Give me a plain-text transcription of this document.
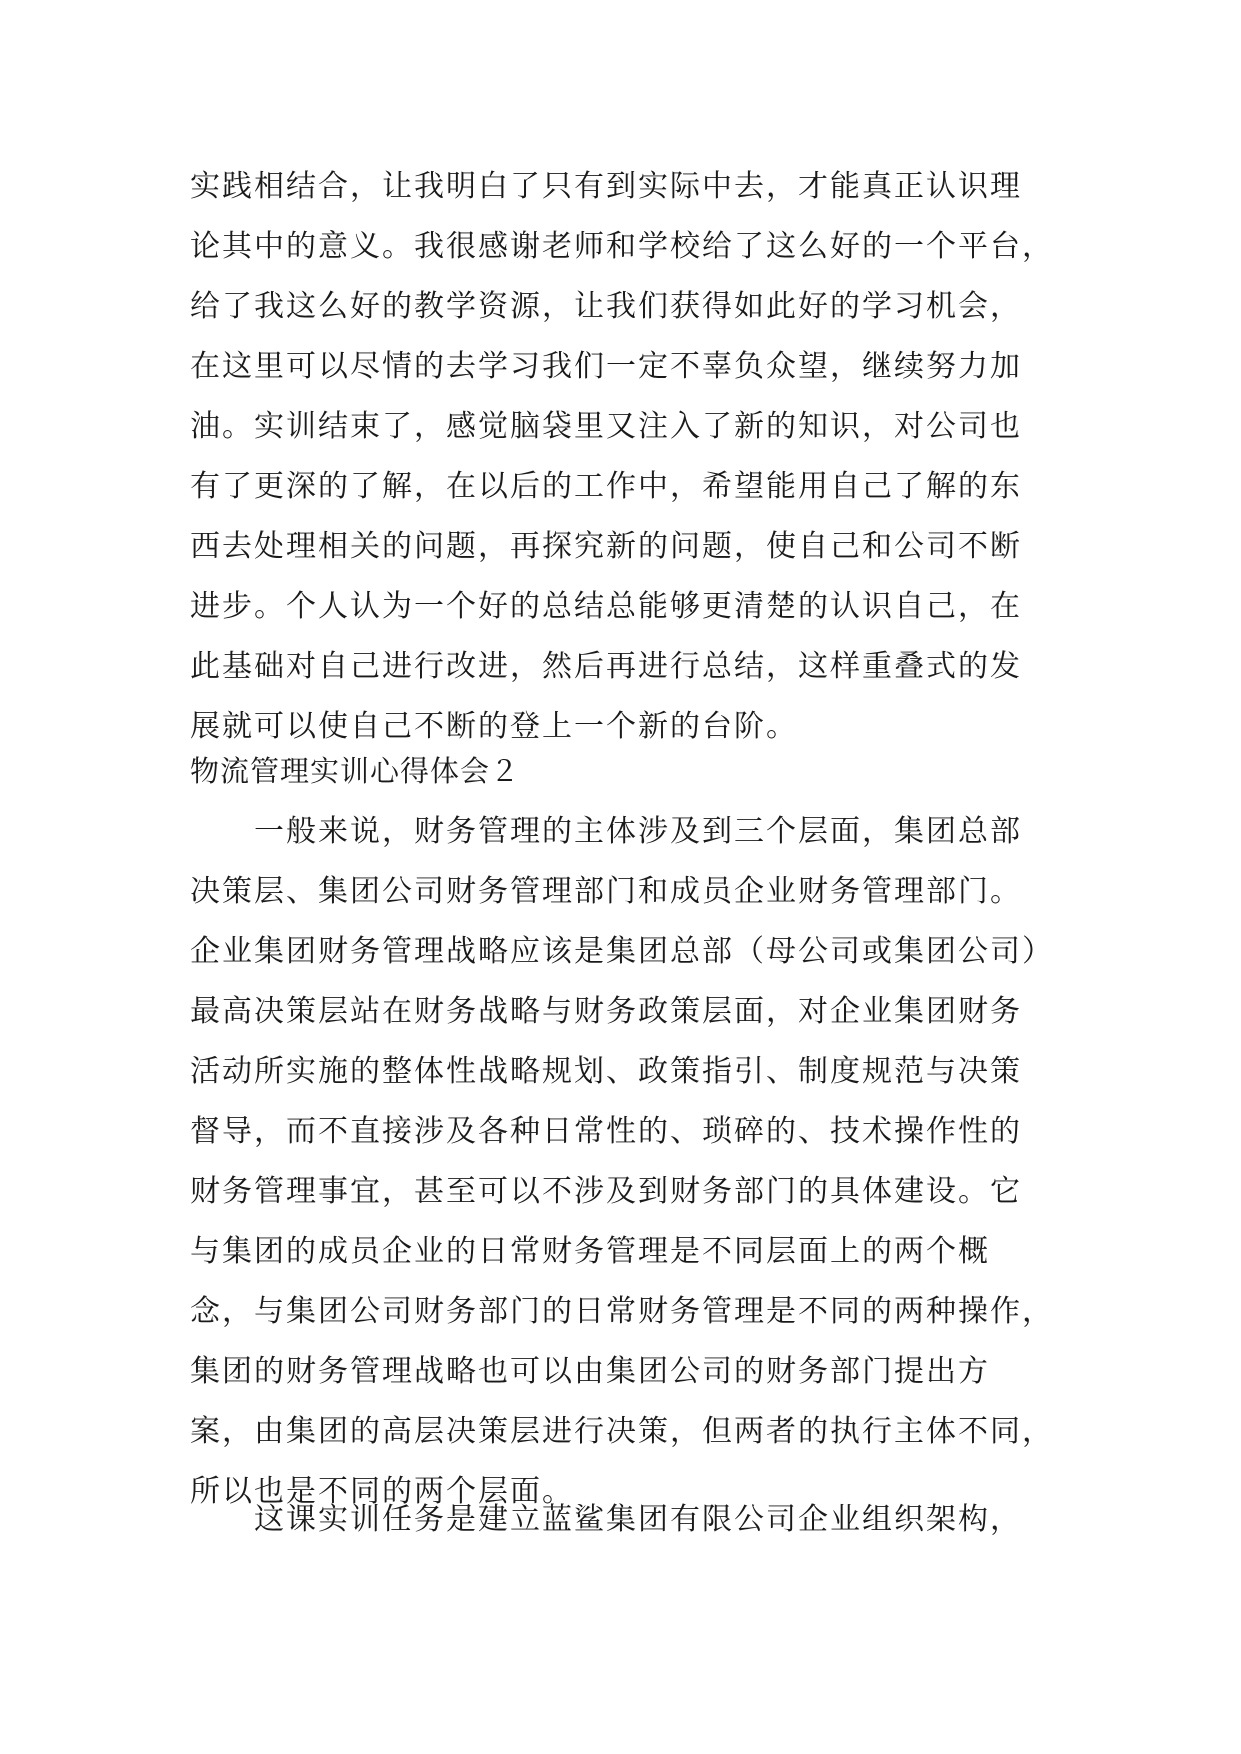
实践相结合，让我明白了只有到实际中去，才能真正认识理
论其中的意义。我很感谢老师和学校给了这么好的一个平台，
给了我这么好的教学资源，让我们获得如此好的学习机会，
在这里可以尽情的去学习我们一定不辜负众望，继续努力加
油。实训结束了，感觉脑袋里又注入了新的知识，对公司也
有了更深的了解，在以后的工作中，希望能用自己了解的东
西去处理相关的问题，再探究新的问题，使自己和公司不断
进步。个人认为一个好的总结总能够更清楚的认识自己，在
此基础对自己进行改进，然后再进行总结，这样重叠式的发
展就可以使自己不断的登上一个新的台阶。
物流管理实训心得体会２
一般来说，财务管理的主体涉及到三个层面，集团总部
决策层、集团公司财务管理部门和成员企业财务管理部门。
企业集团财务管理战略应该是集团总部（母公司或集团公司）
最高决策层站在财务战略与财务政策层面，对企业集团财务
活动所实施的整体性战略规划、政策指引、制度规范与决策
督导，而不直接涉及各种日常性的、琐碎的、技术操作性的
财务管理事宜，甚至可以不涉及到财务部门的具体建设。它
与集团的成员企业的日常财务管理是不同层面上的两个概
念，与集团公司财务部门的日常财务管理是不同的两种操作，
集团的财务管理战略也可以由集团公司的财务部门提出方
案，由集团的高层决策层进行决策，但两者的执行主体不同，
所以也是不同的两个层面。
这课实训任务是建立蓝鲨集团有限公司企业组织架构，
